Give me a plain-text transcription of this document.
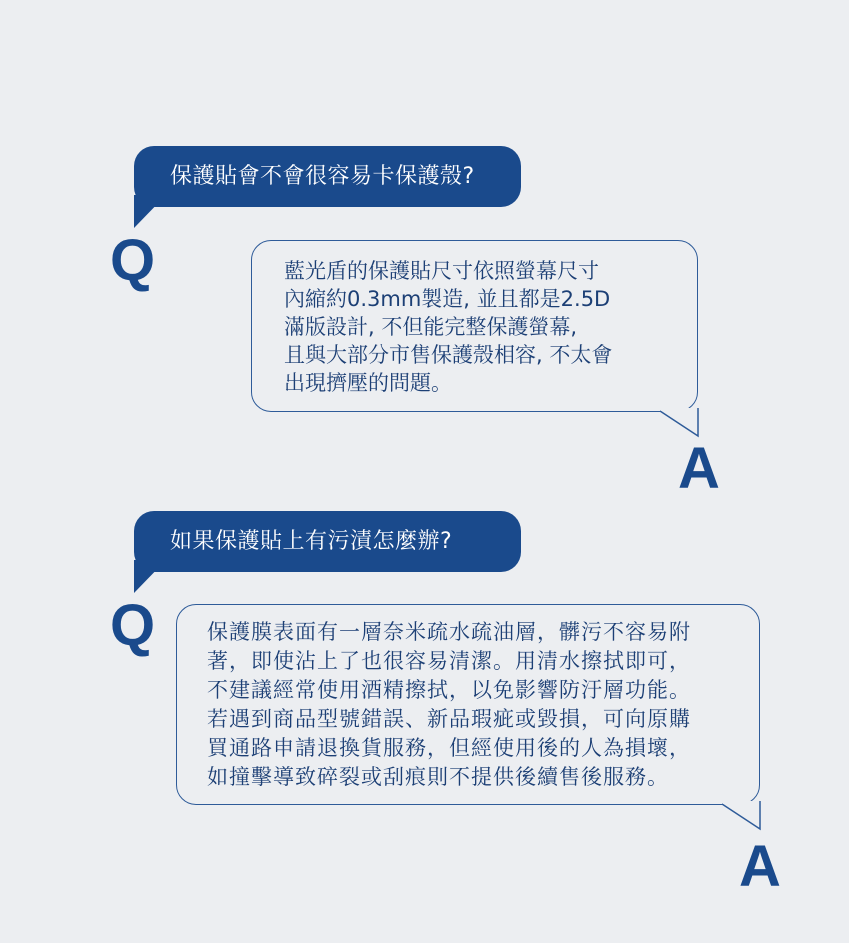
保護貼會不會很容易卡保護殼?
Q	藍光盾的保護貼尺寸依照螢幕尺寸
內縮約0.3mm製造, 並且都是2.5D
滿版設計, 不但能完整保護螢幕,
且與大部分市售保護殼相容, 不太會
出現擠壓的問題。
A
如果保護貼上有污漬怎麼辦?
Q 保護膜表面有一層奈米疏水疏油層，髒污不容易附
著，即使沾上了也很容易清潔。用清水擦拭即可，
不建議經常使用酒精擦拭，以免影響防汙層功能。
若遇到商品型號錯誤、新品瑕疵或毀損，可向原購
買通路申請退換貨服務，但經使用後的人為損壞，
如撞擊導致碎裂或刮痕則不提供後續售後服務。
A
